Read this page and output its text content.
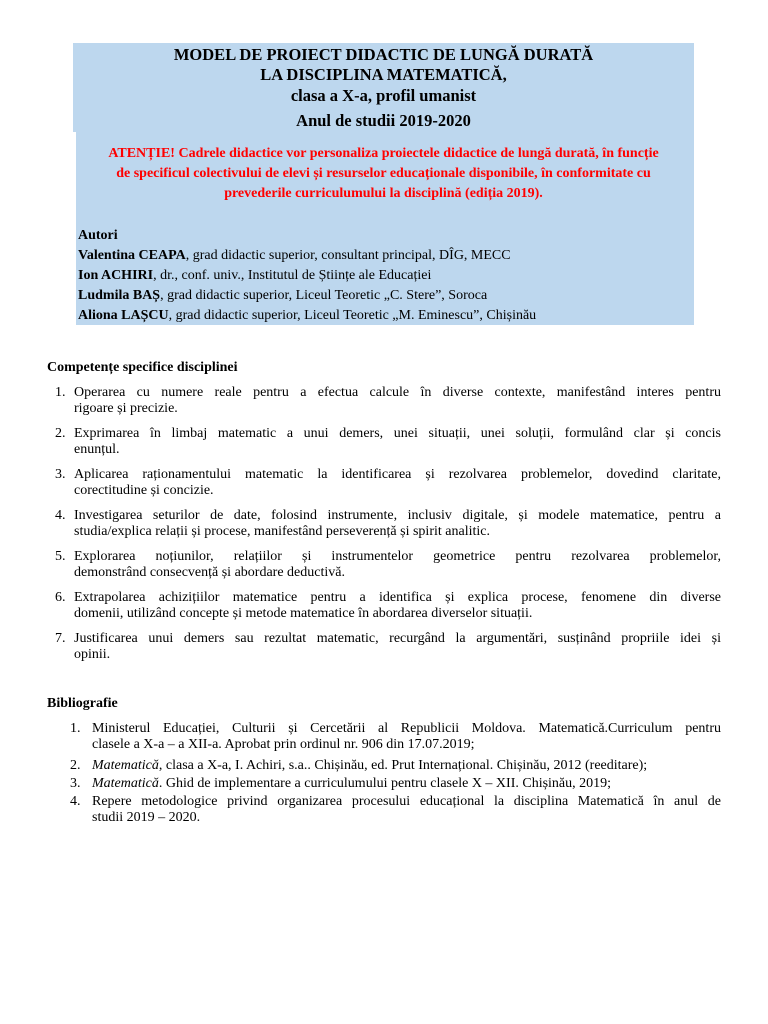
MODEL DE PROIECT DIDACTIC DE LUNGĂ DURATĂ
LA DISCIPLINA MATEMATICĂ,
clasa a X-a, profil umanist
Anul de studii 2019-2020
ATENȚIE! Cadrele didactice vor personaliza proiectele didactice de lungă durată, în funcție
de specificul colectivului de elevi și resurselor educaționale disponibile, în conformitate cu
prevederile curriculumului la disciplină (ediția 2019).
Autori
Valentina CEAPA, grad didactic superior, consultant principal, DÎG, MECC
Ion ACHIRI, dr., conf. univ., Institutul de Științe ale Educației
Ludmila BAȘ, grad didactic superior, Liceul Teoretic „C. Stere”, Soroca
Aliona LAȘCU, grad didactic superior, Liceul Teoretic „M. Eminescu”, Chișinău
Competențe specifice disciplinei
1. Operarea cu numere reale pentru a efectua calcule în diverse contexte, manifestând interes pentru
rigoare și precizie.
2. Exprimarea în limbaj matematic a unui demers, unei situații, unei soluții, formulând clar și concis
enunțul.
3. Aplicarea raționamentului matematic la identificarea și rezolvarea problemelor, dovedind claritate,
corectitudine și concizie.
4. Investigarea seturilor de date, folosind instrumente, inclusiv digitale, și modele matematice, pentru a
studia/explica relații și procese, manifestând perseverență și spirit analitic.
5. Explorarea noțiunilor, relațiilor și instrumentelor geometrice pentru rezolvarea problemelor,
demonstrând consecvență și abordare deductivă.
6. Extrapolarea achizițiilor matematice pentru a identifica și explica procese, fenomene din diverse
domenii, utilizând concepte și metode matematice în abordarea diverselor situații.
7. Justificarea unui demers sau rezultat matematic, recurgând la argumentări, susținând propriile idei și
opinii.
Bibliografie
1. Ministerul Educației, Culturii și Cercetării al Republicii Moldova. Matematică.Curriculum pentru
clasele a X-a – a XII-a. Aprobat prin ordinul nr. 906 din 17.07.2019;
2. Matematică, clasa a X-a, I. Achiri, s.a.. Chișinău, ed. Prut Internațional. Chișinău, 2012 (reeditare);
3. Matematică. Ghid de implementare a curriculumului pentru clasele X – XII. Chișinău, 2019;
4. Repere metodologice privind organizarea procesului educațional la disciplina Matematică în anul de
studii 2019 – 2020.
